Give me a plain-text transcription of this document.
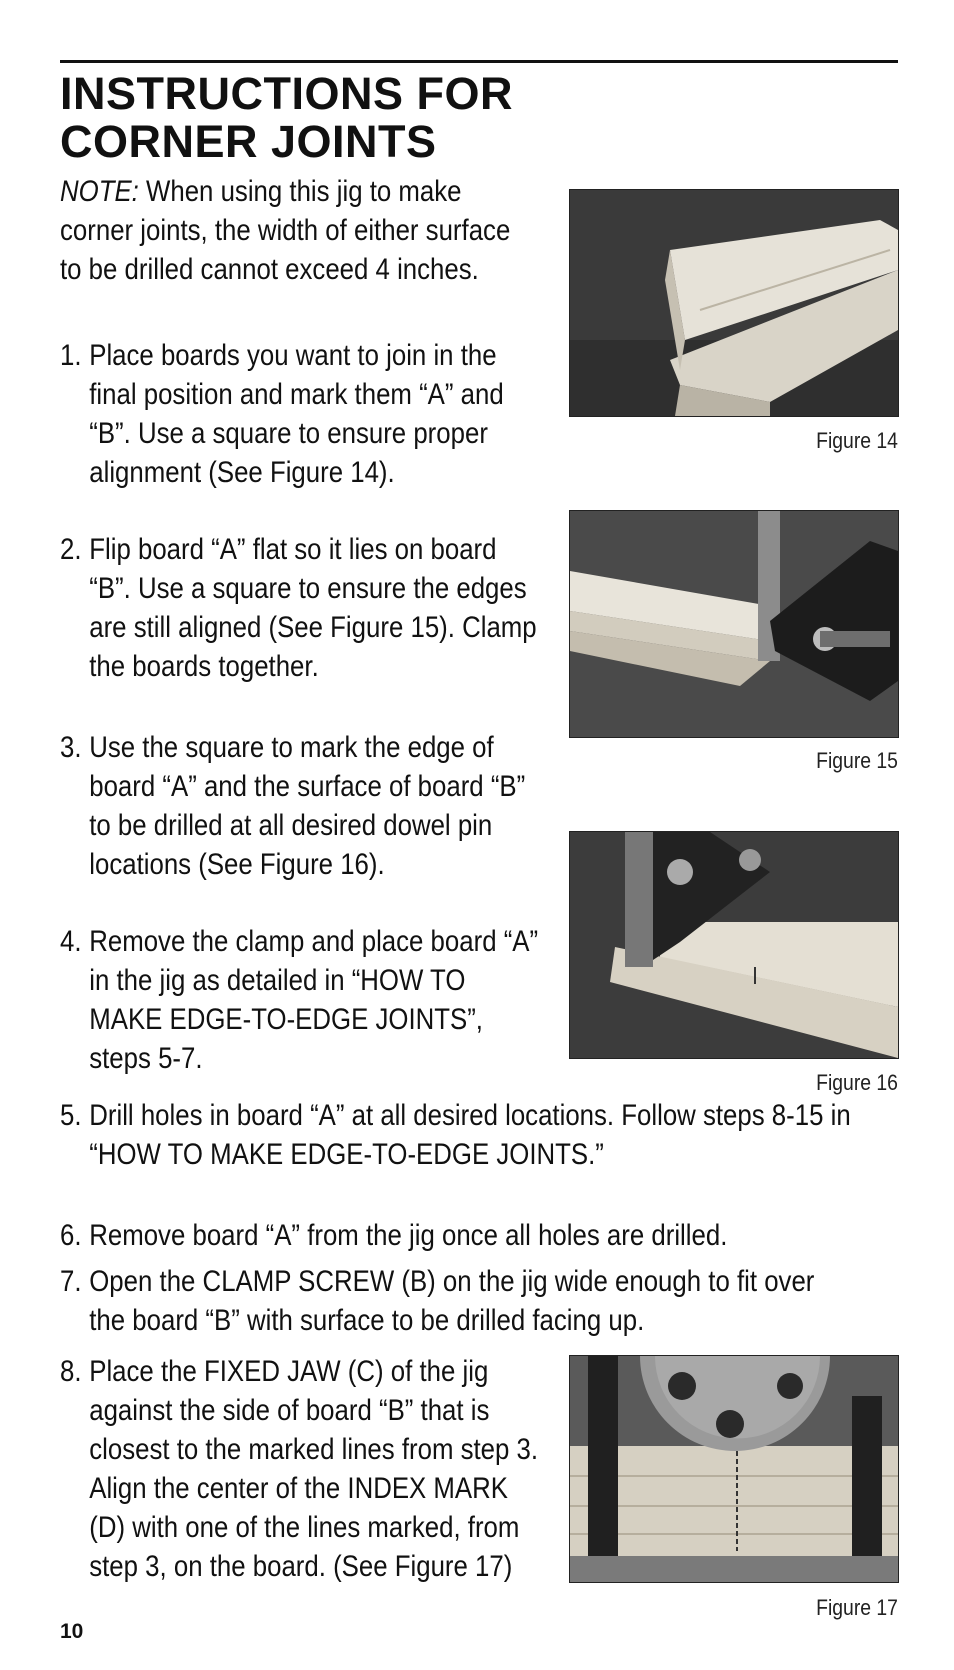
INSTRUCTIONS FOR
CORNER JOINTS

NOTE: When using this jig to make corner joints, the width of either surface to be drilled cannot exceed 4 inches.

1. Place boards you want to join in the final position and mark them “A” and “B”. Use a square to ensure proper alignment (See Figure 14).
2. Flip board “A” flat so it lies on board “B”. Use a square to ensure the edges are still aligned (See Figure 15). Clamp the boards together.
3. Use the square to mark the edge of board “A” and the surface of board “B” to be drilled at all desired dowel pin locations (See Figure 16).
4. Remove the clamp and place board “A” in the jig as detailed in “HOW TO MAKE EDGE-TO-EDGE JOINTS”, steps 5-7.
5. Drill holes in board “A” at all desired locations. Follow steps 8-15 in “HOW TO MAKE EDGE-TO-EDGE JOINTS.”
6. Remove board “A” from the jig once all holes are drilled.
7. Open the CLAMP SCREW (B) on the jig wide enough to fit over the board “B” with surface to be drilled facing up.
8. Place the FIXED JAW (C) of the jig against the side of board “B” that is closest to the marked lines from step 3. Align the center of the INDEX MARK (D) with one of the lines marked, from step 3, on the board. (See Figure 17)
Figure 14
Figure 15
Figure 16
Figure 17
10
